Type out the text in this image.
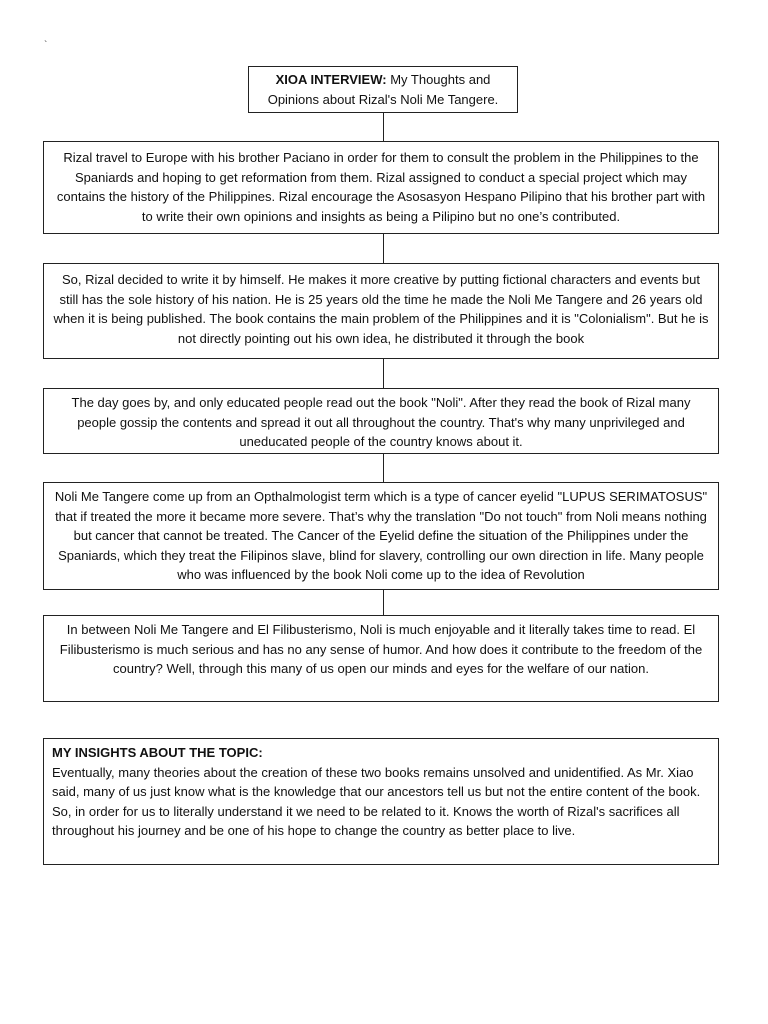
`
XIOA INTERVIEW: My Thoughts and Opinions about Rizal's Noli Me Tangere.
Rizal travel to Europe with his brother Paciano in order for them to consult the problem in the Philippines to the Spaniards and hoping to get reformation from them. Rizal assigned to conduct a special project which may contains the history of the Philippines. Rizal encourage the Asosasyon Hespano Pilipino that his brother part with to write their own opinions and insights as being a Pilipino but no one’s contributed.
So, Rizal decided to write it by himself. He makes it more creative by putting fictional characters and events but still has the sole history of his nation. He is 25 years old the time he made the Noli Me Tangere and 26 years old when it is being published. The book contains the main problem of the Philippines and it is "Colonialism". But he is not directly pointing out his own idea, he distributed it through the book
The day goes by, and only educated people read out the book "Noli". After they read the book of Rizal many people gossip the contents and spread it out all throughout the country. That's why many unprivileged and uneducated people of the country knows about it.
Noli Me Tangere come up from an Opthalmologist term which is a type of cancer eyelid "LUPUS SERIMATOSUS" that if treated the more it became more severe. That’s why the translation "Do not touch" from Noli means nothing but cancer that cannot be treated. The Cancer of the Eyelid define the situation of the Philippines under the Spaniards, which they treat the Filipinos slave, blind for slavery, controlling our own direction in life. Many people who was influenced by the book Noli come up to the idea of Revolution
In between Noli Me Tangere and El Filibusterismo, Noli is much enjoyable and it literally takes time to read. El Filibusterismo is much serious and has no any sense of humor. And how does it contribute to the freedom of the country? Well, through this many of us open our minds and eyes for the welfare of our nation.
MY INSIGHTS ABOUT THE TOPIC:
Eventually, many theories about the creation of these two books remains unsolved and unidentified. As Mr. Xiao said, many of us just know what is the knowledge that our ancestors tell us but not the entire content of the book. So, in order for us to literally understand it we need to be related to it. Knows the worth of Rizal's sacrifices all throughout his journey and be one of his hope to change the country as better place to live.
